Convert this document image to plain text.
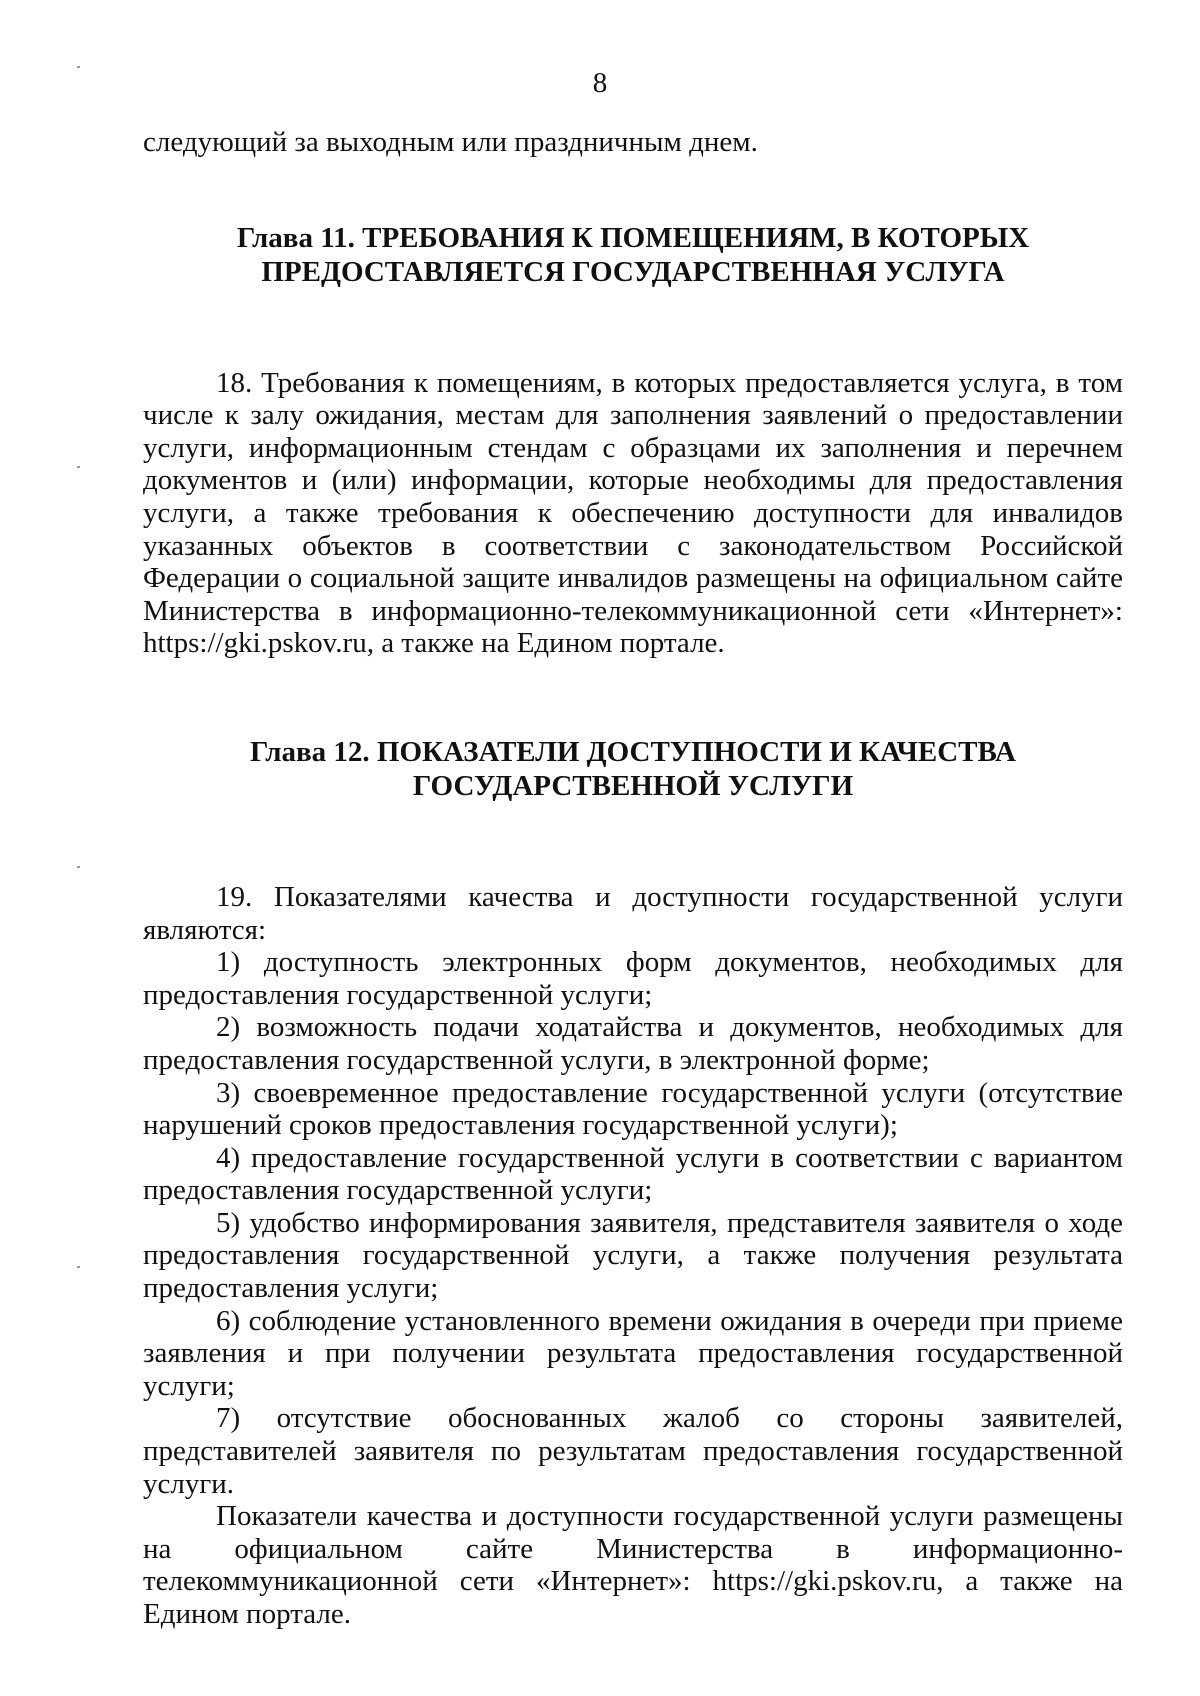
8

следующий за выходным или праздничным днем.

Глава 11. ТРЕБОВАНИЯ К ПОМЕЩЕНИЯМ, В КОТОРЫХ
ПРЕДОСТАВЛЯЕТСЯ ГОСУДАРСТВЕННАЯ УСЛУГА

18. Требования к помещениям, в которых предоставляется услуга, в том числе к залу ожидания, местам для заполнения заявлений о предоставлении услуги, информационным стендам с образцами их заполнения и перечнем документов и (или) информации, которые необходимы для предоставления услуги, а также требования к обеспечению доступности для инвалидов указанных объектов в соответствии с законодательством Российской Федерации о социальной защите инвалидов размещены на официальном сайте Министерства в информационно-телекоммуникационной сети «Интернет»: https://gki.pskov.ru, а также на Едином портале.

Глава 12. ПОКАЗАТЕЛИ ДОСТУПНОСТИ И КАЧЕСТВА
ГОСУДАРСТВЕННОЙ УСЛУГИ

19. Показателями качества и доступности государственной услуги являются:

1) доступность электронных форм документов, необходимых для предоставления государственной услуги;

2) возможность подачи ходатайства и документов, необходимых для предоставления государственной услуги, в электронной форме;

3) своевременное предоставление государственной услуги (отсутствие нарушений сроков предоставления государственной услуги);

4) предоставление государственной услуги в соответствии с вариантом предоставления государственной услуги;

5) удобство информирования заявителя, представителя заявителя о ходе предоставления государственной услуги, а также получения результата предоставления услуги;

6) соблюдение установленного времени ожидания в очереди при приеме заявления и при получении результата предоставления государственной услуги;

7) отсутствие обоснованных жалоб со стороны заявителей, представителей заявителя по результатам предоставления государственной услуги.

Показатели качества и доступности государственной услуги размещены на официальном сайте Министерства в информационно-телекоммуникационной сети «Интернет»: https://gki.pskov.ru, а также на Едином портале.
